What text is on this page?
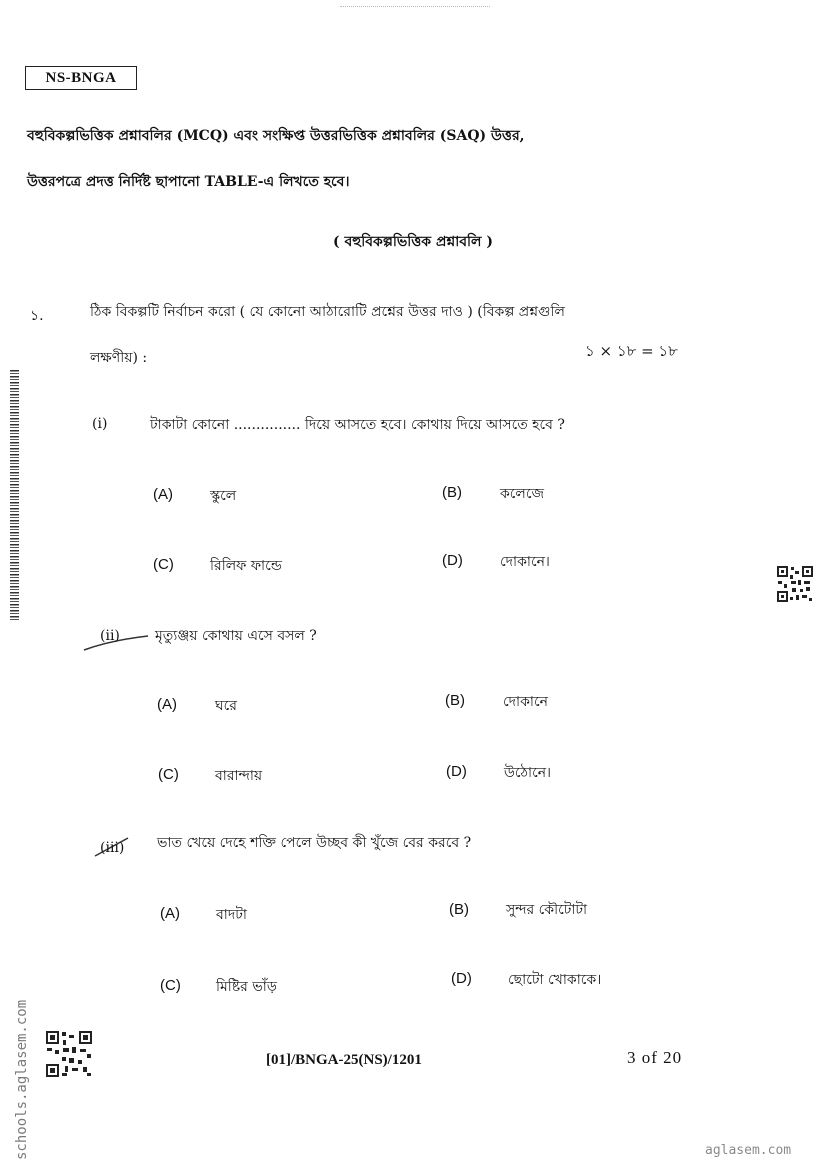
NS-BNGA
বহুবিকল্পভিত্তিক প্রশ্নাবলির (MCQ) এবং সংক্ষিপ্ত উত্তরভিত্তিক প্রশ্নাবলির (SAQ) উত্তর,
উত্তরপত্রে প্রদত্ত নির্দিষ্ট ছাপানো TABLE-এ লিখতে হবে।
( বহুবিকল্পভিত্তিক প্রশ্নাবলি )
১.	ঠিক বিকল্পটি নির্বাচন করো ( যে কোনো আঠারোটি প্রশ্নের উত্তর দাও ) (বিকল্প প্রশ্নগুলি
লক্ষণীয়) :	১ × ১৮ = ১৮
(i)	টাকাটা কোনো ............... দিয়ে আসতে হবে। কোথায় দিয়ে আসতে হবে ?
(A)	স্কুলে	(B)	কলেজে
(C)	রিলিফ ফান্ডে	(D)	দোকানে।
(ii)	মৃত্যুঞ্জয় কোথায় এসে বসল ?
(A)	ঘরে	(B)	দোকানে
(C)	বারান্দায়	(D)	উঠোনে।
(iii) ভাত খেয়ে দেহে শক্তি পেলে উচ্ছব কী খুঁজে বের করবে ?
(A)	বাদটা	(B)	সুন্দর কৌটোটা
(C)	মিষ্টির ভাঁড়	(D)	ছোটো খোকাকে।
[01]/BNGA-25(NS)/1201	3 of 20
schools.aglasem.com	aglasem.com
